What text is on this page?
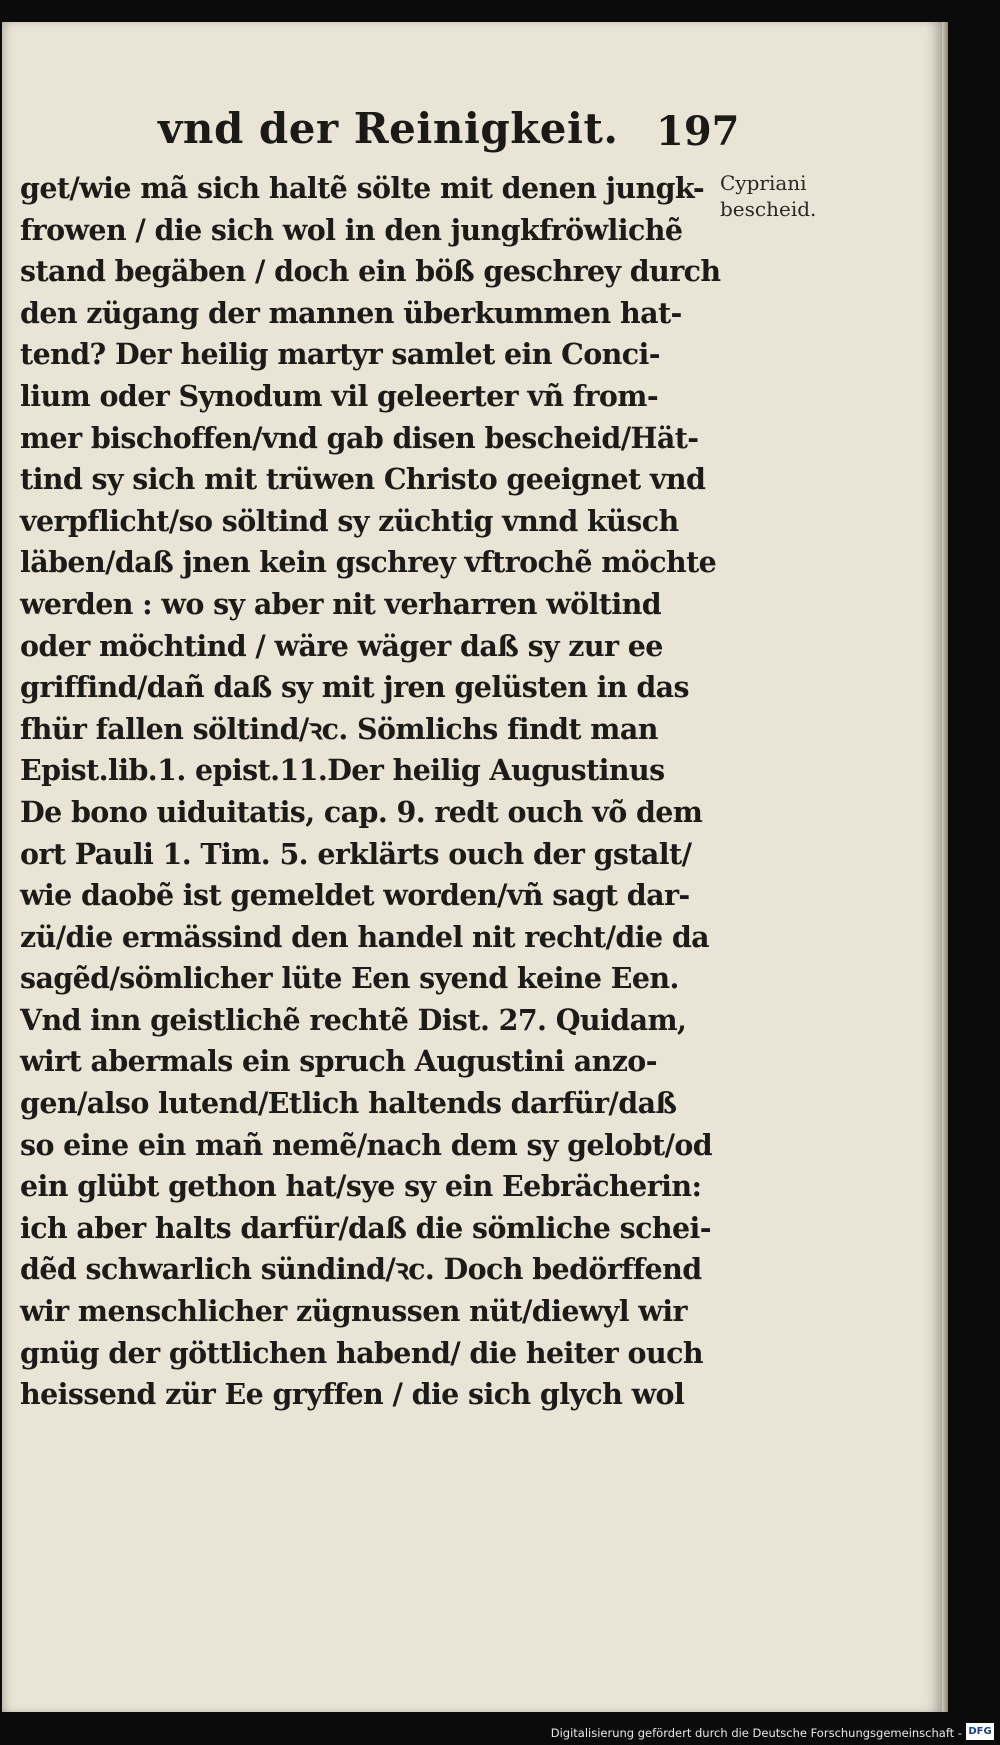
vnd der Reinigkeit. 197
Cypriani
bescheid.
get/wie mã sich haltẽ sölte mit denen jungk-
frowen / die sich wol in den jungkfröwlichẽ
stand begäben / doch ein böß geschrey durch
den zügang der mannen überkummen hat-
tend? Der heilig martyr samlet ein Conci-
lium oder Synodum vil geleerter vñ from-
mer bischoffen/vnd gab disen bescheid/Hät-
tind sy sich mit trüwen Christo geeignet vnd
verpflicht/so söltind sy züchtig vnnd küsch
läben/daß jnen kein gschrey vftrochẽ möchte
werden : wo sy aber nit verharren wöltind
oder möchtind / wäre wäger daß sy zur ee
griffind/dañ daß sy mit jren gelüsten in das
fhür fallen söltind/ꝛc. Sömlichs findt man
Epist.lib.1. epist.11.Der heilig Augustinus
De bono uiduitatis, cap. 9. redt ouch võ dem
ort Pauli 1. Tim. 5. erklärts ouch der gstalt/
wie daobẽ ist gemeldet worden/vñ sagt dar-
zü/die ermässind den handel nit recht/die da
sagẽd/sömlicher lüte Een syend keine Een.
Vnd inn geistlichẽ rechtẽ Dist. 27. Quidam,
wirt abermals ein spruch Augustini anzo-
gen/also lutend/Etlich haltends darfür/daß
so eine ein mañ nemẽ/nach dem sy gelobt/od
ein glübt gethon hat/sye sy ein Eebrächerin:
ich aber halts darfür/daß die sömliche schei-
dẽd schwarlich sündind/ꝛc. Doch bedörffend
wir menschlicher zügnussen nüt/diewyl wir
gnüg der göttlichen habend/ die heiter ouch
heissend zür Ee gryffen / die sich glych wol
Digitalisierung gefördert durch die Deutsche Forschungsgemeinschaft - DFG
